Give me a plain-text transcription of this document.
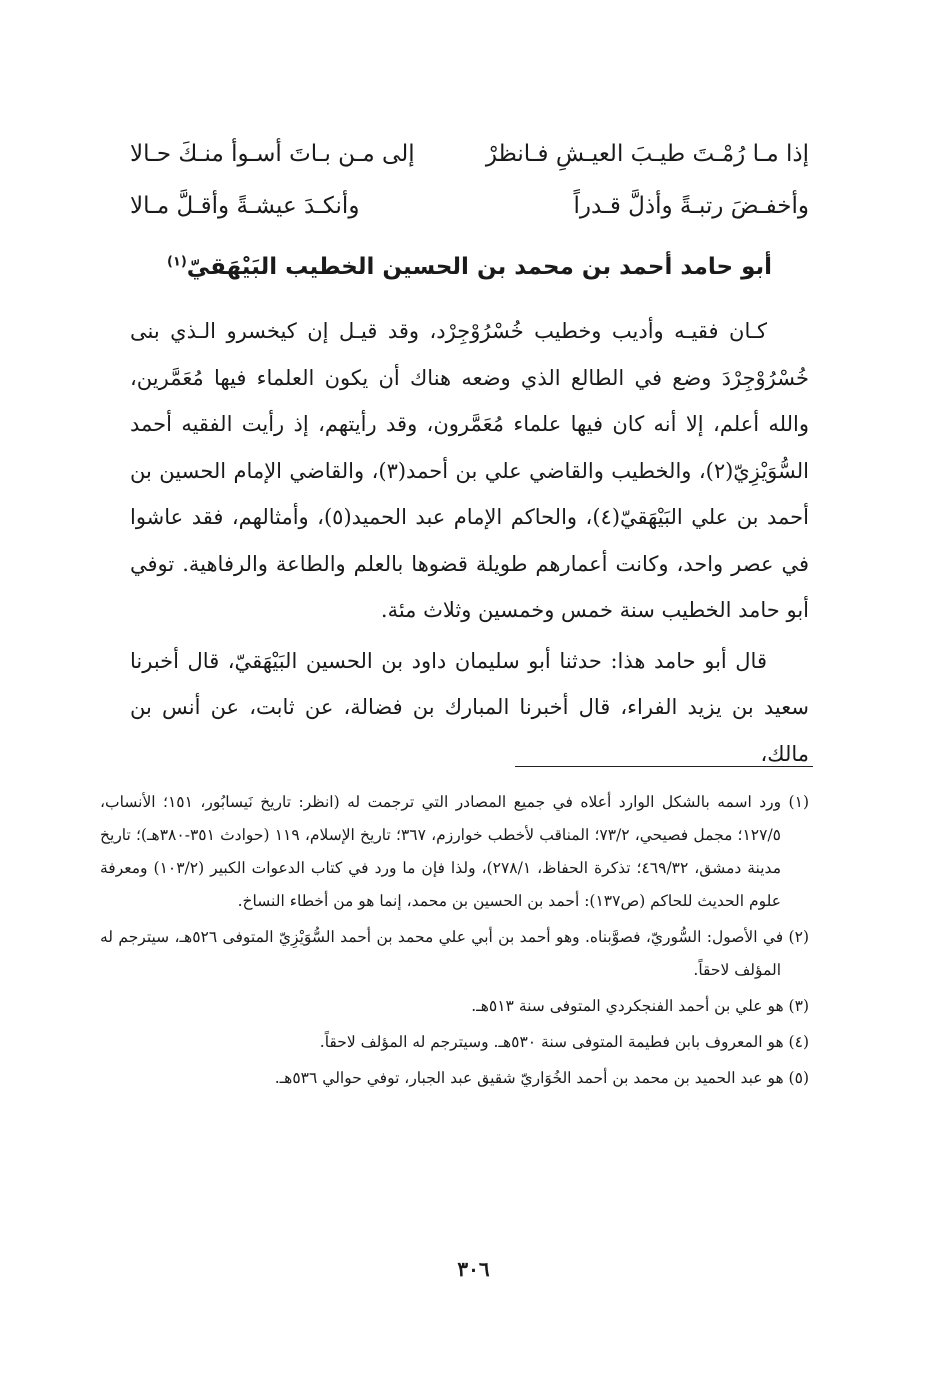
إذا مـا رُمْـتَ طيـبَ العيـشِ فـانظرْ
إلى مـن بـاتَ أسـوأ منـكَ حـالا
وأخفـضَ رتبـةً وأذلَّ قـدراً
وأنكـدَ عيشـةً وأقـلَّ مـالا
أبو حامد أحمد بن محمد بن الحسين الخطيب البَيْهَقيّ$^{(١)}$

كـان فقيـه وأديب وخطيب خُسْرُوْجِرْد، وقد قيـل إن كيخسرو الـذي بنى خُسْرُوْجِرْدَ وضع في الطالع الذي وضعه هناك أن يكون العلماء فيها مُعَمَّرين، والله أعلم، إلا أنه كان فيها علماء مُعَمَّرون، وقد رأيتهم، إذ رأيت الفقيه أحمد السُّوَيْزِيّ(٢)، والخطيب والقاضي علي بن أحمد(٣)، والقاضي الإمام الحسين بن أحمد بن علي البَيْهَقيّ(٤)، والحاكم الإمام عبد الحميد(٥)، وأمثالهم، فقد عاشوا في عصر واحد، وكانت أعمارهم طويلة قضوها بالعلم والطاعة والرفاهية. توفي أبو حامد الخطيب سنة خمس وخمسين وثلاث مئة.

قال أبو حامد هذا: حدثنا أبو سليمان داود بن الحسين البَيْهَقيّ، قال أخبرنا سعيد بن يزيد الفراء، قال أخبرنا المبارك بن فضالة، عن ثابت، عن أنس بن مالك،

(١) ورد اسمه بالشكل الوارد أعلاه في جميع المصادر التي ترجمت له (انظر: تاريخ نَيسابُور، ١٥١؛ الأنساب، ١٢٧/٥؛ مجمل فصيحي، ٧٣/٢؛ المناقب لأخطب خوارزم، ٣٦٧؛ تاريخ الإسلام، ١١٩ (حوادث ٣٥١-٣٨٠هـ)؛ تاريخ مدينة دمشق، ٤٦٩/٣٢؛ تذكرة الحفاظ، ٢٧٨/١)، ولذا فإن ما ورد في كتاب الدعوات الكبير (١٠٣/٢) ومعرفة علوم الحديث للحاكم (ص١٣٧): أحمد بن الحسين بن محمد، إنما هو من أخطاء النساخ.

(٢) في الأصول: السُّوريّ، فصوَّبناه. وهو أحمد بن أبي علي محمد بن أحمد السُّوَيْزِيّ المتوفى ٥٢٦هـ، سيترجم له المؤلف لاحقاً.

(٣) هو علي بن أحمد الفنجكردي المتوفى سنة ٥١٣هـ.

(٤) هو المعروف بابن فطيمة المتوفى سنة ٥٣٠هـ. وسيترجم له المؤلف لاحقاً.

(٥) هو عبد الحميد بن محمد بن أحمد الخُوَاريّ شقيق عبد الجبار، توفي حوالي ٥٣٦هـ.

٣٠٦
